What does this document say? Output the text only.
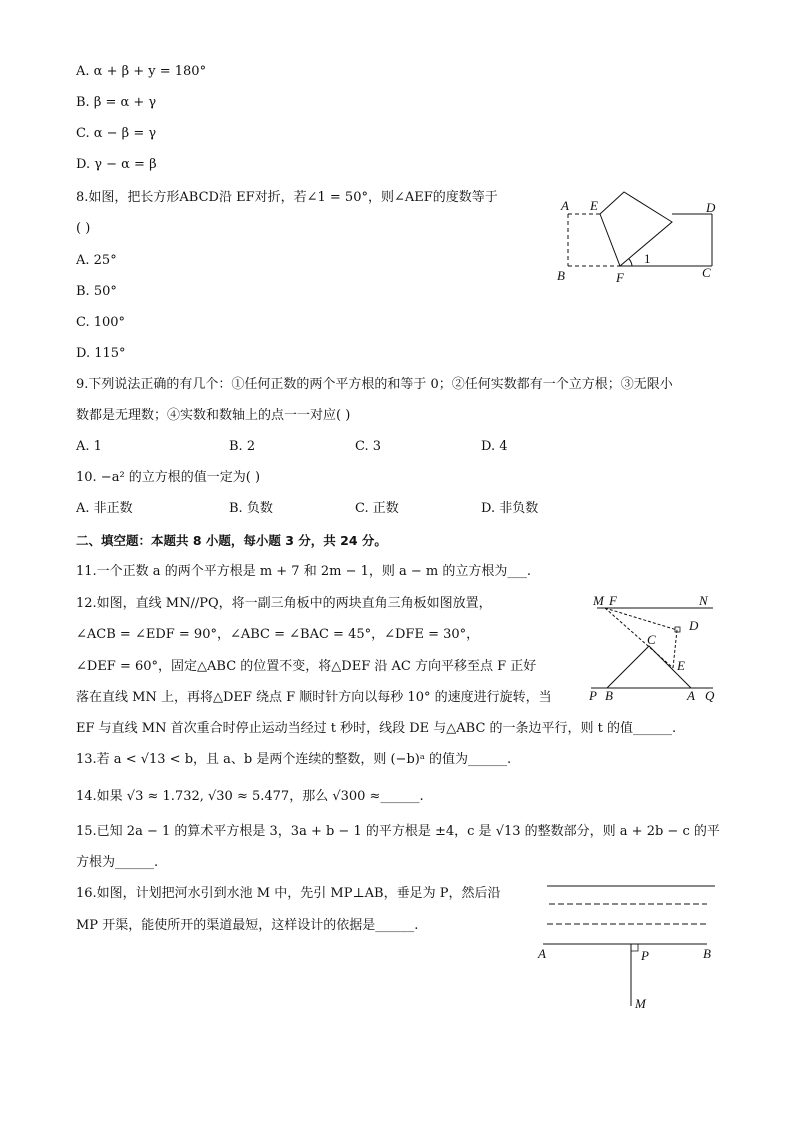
A. α + β + y = 180°
B. β = α + γ
C. α − β = γ
D. γ − α = β
8.如图，把长方形ABCD沿 EF对折，若∠1 = 50°，则∠AEF的度数等于
( )
A. 25°
B. 50°
C. 100°
D. 115°
A E	D
B	F	C
1
9.下列说法正确的有几个：①任何正数的两个平方根的和等于 0；②任何实数都有一个立方根；③无限小
数都是无理数；④实数和数轴上的点一一对应( )
A. 1	B. 2	C. 3	D. 4
10. −a² 的立方根的值一定为( )
A. 非正数	B. 负数	C. 正数	D. 非负数
二、填空题：本题共 8 小题，每小题 3 分，共 24 分。
11.一个正数 a 的两个平方根是 m + 7 和 2m − 1，则 a − m 的立方根为___.
12.如图，直线 MN//PQ，将一副三角板中的两块直角三角板如图放置，
∠ACB = ∠EDF = 90°，∠ABC = ∠BAC = 45°，∠DFE = 30°，
∠DEF = 60°，固定△ABC 的位置不变，将△DEF 沿 AC 方向平移至点 F 正好
落在直线 MN 上，再将△DEF 绕点 F 顺时针方向以每秒 10° 的速度进行旋转，当
EF 与直线 MN 首次重合时停止运动当经过 t 秒时，线段 DE 与△ABC 的一条边平行，则 t 的值______.
M F	N
D
C
E
P B	A Q
13.若 a < √13 < b，且 a、b 是两个连续的整数，则 (−b)ᵃ 的值为______.
14.如果 √3 ≈ 1.732, √30 ≈ 5.477，那么 √300 ≈______.
15.已知 2a − 1 的算术平方根是 3，3a + b − 1 的平方根是 ±4，c 是 √13 的整数部分，则 a + 2b − c 的平
方根为______.
16.如图，计划把河水引到水池 M 中，先引 MP⊥AB，垂足为 P，然后沿
MP 开渠，能使所开的渠道最短，这样设计的依据是______.
A	P	B
M
